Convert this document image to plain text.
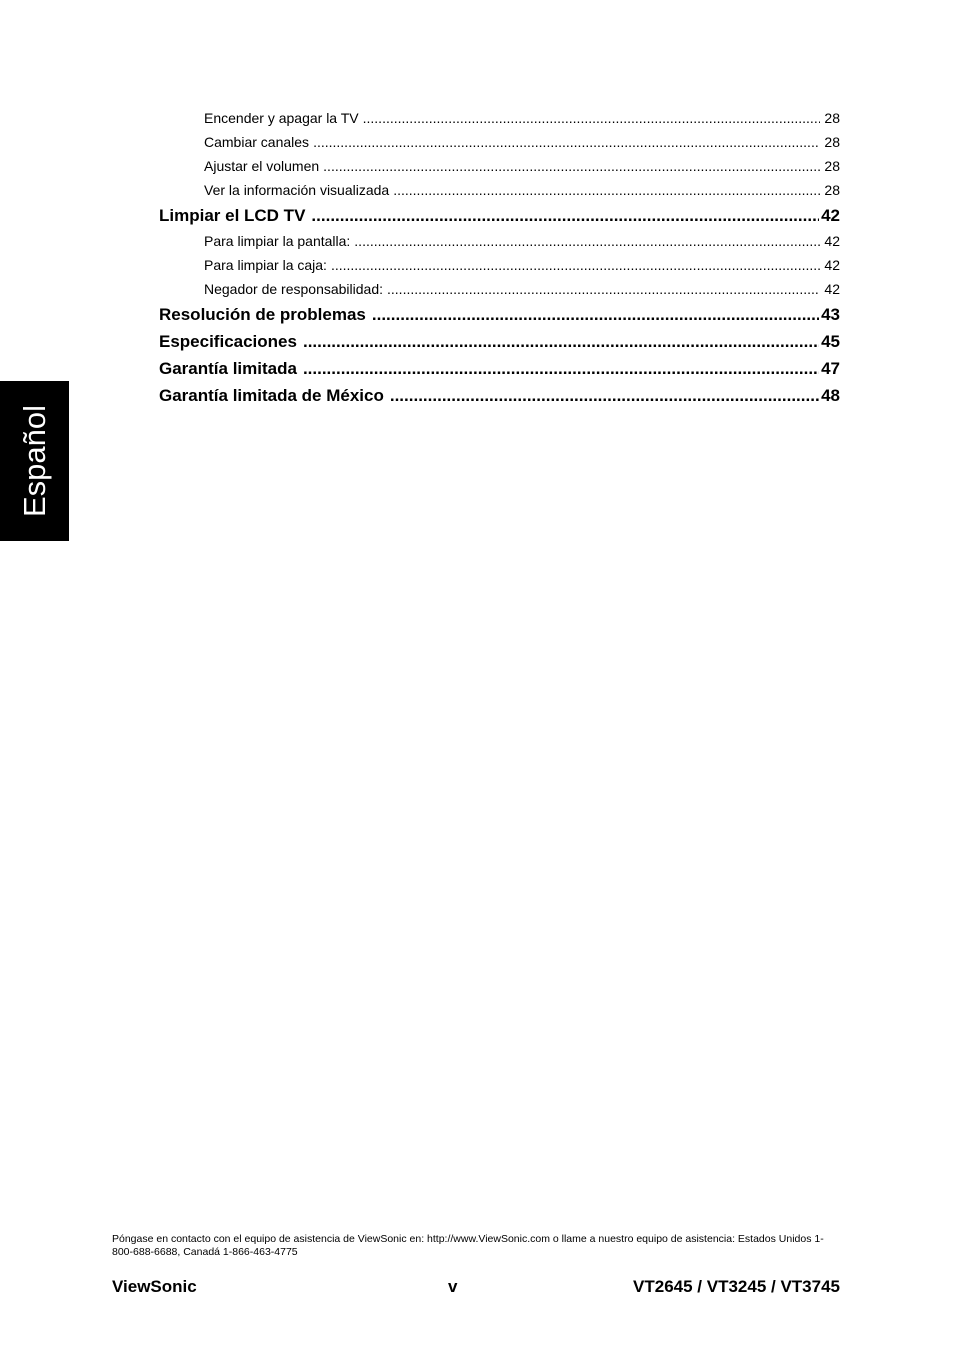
Español
Encender y apagar la TV .....	28
Cambiar canales .....	28
Ajustar el volumen .....	28
Ver la información visualizada .....	28
Limpiar el LCD TV .....	42
Para limpiar la pantalla: .....	42
Para limpiar la caja: .....	42
Negador de responsabilidad: .....	42
Resolución de problemas .....	43
Especificaciones .....	45
Garantía limitada .....	47
Garantía limitada de México .....	48
Póngase en contacto con el equipo de asistencia de ViewSonic en: http://www.ViewSonic.com o llame a nuestro equipo de asistencia: Estados Unidos 1-800-688-6688, Canadá 1-866-463-4775
ViewSonic	v	VT2645 / VT3245 / VT3745
